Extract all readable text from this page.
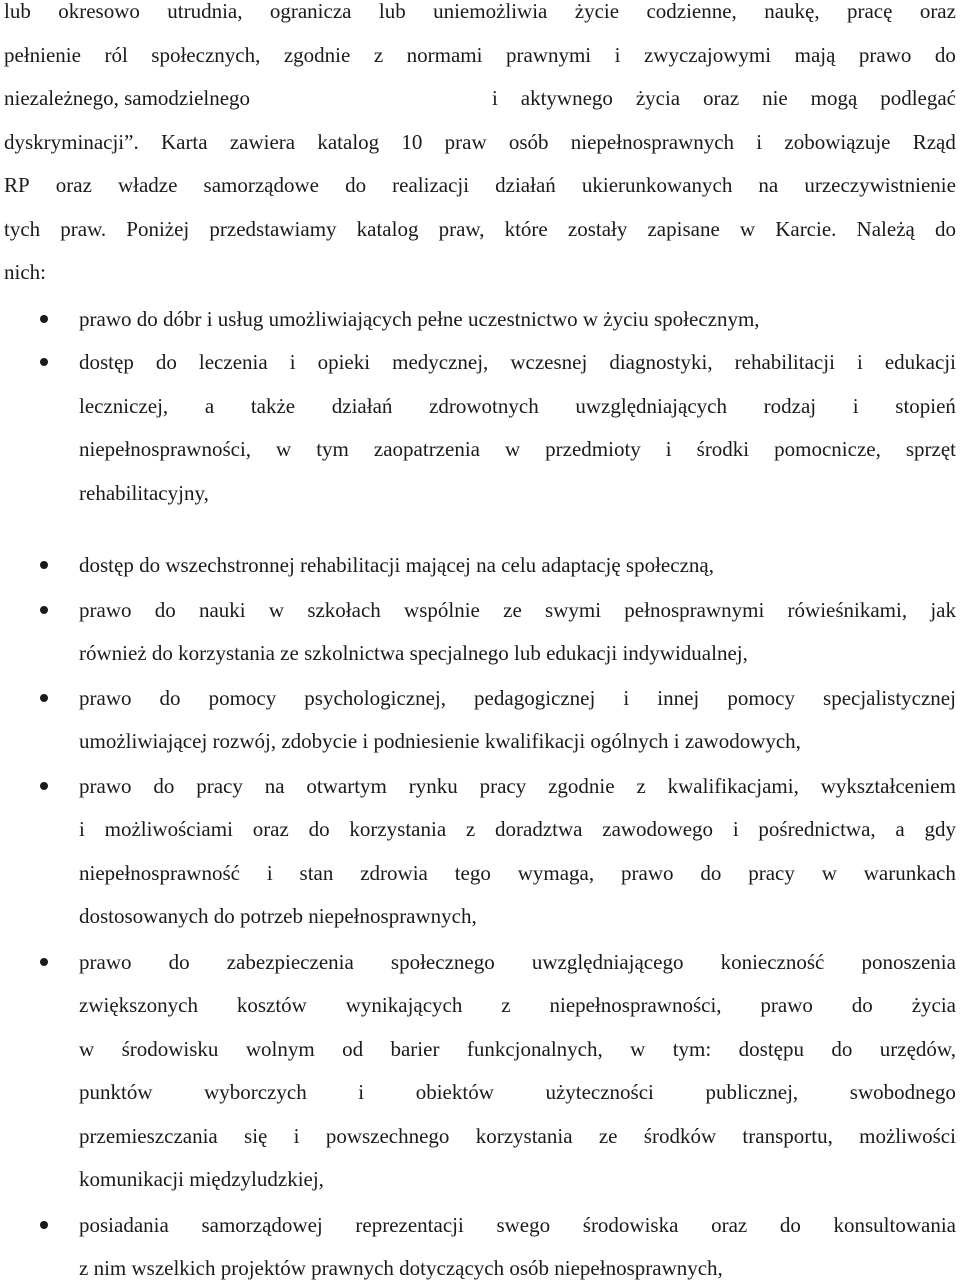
lub okresowo utrudnia, ogranicza lub uniemożliwia życie codzienne, naukę, pracę oraz
pełnienie ról społecznych, zgodnie z normami prawnymi i zwyczajowymi mają prawo do
niezależnego, samodzielnego	i aktywnego życia oraz nie mogą podlegać
dyskryminacji”. Karta zawiera katalog 10 praw osób niepełnosprawnych i zobowiązuje Rząd
RP oraz władze samorządowe do realizacji działań ukierunkowanych na urzeczywistnienie
tych praw. Poniżej przedstawiamy katalog praw, które zostały zapisane w Karcie. Należą do
nich:
prawo do dóbr i usług umożliwiających pełne uczestnictwo w życiu społecznym,
dostęp do leczenia i opieki medycznej, wczesnej diagnostyki, rehabilitacji i edukacji
leczniczej, a także działań zdrowotnych uwzględniających rodzaj i stopień
niepełnosprawności, w tym zaopatrzenia w przedmioty i środki pomocnicze, sprzęt
rehabilitacyjny,
dostęp do wszechstronnej rehabilitacji mającej na celu adaptację społeczną,
prawo do nauki w szkołach wspólnie ze swymi pełnosprawnymi rówieśnikami, jak
również do korzystania ze szkolnictwa specjalnego lub edukacji indywidualnej,
prawo do pomocy psychologicznej, pedagogicznej i innej pomocy specjalistycznej
umożliwiającej rozwój, zdobycie i podniesienie kwalifikacji ogólnych i zawodowych,
prawo do pracy na otwartym rynku pracy zgodnie z kwalifikacjami, wykształceniem
i możliwościami oraz do korzystania z doradztwa zawodowego i pośrednictwa, a gdy
niepełnosprawność i stan zdrowia tego wymaga, prawo do pracy w warunkach
dostosowanych do potrzeb niepełnosprawnych,
prawo do zabezpieczenia społecznego uwzględniającego konieczność ponoszenia
zwiększonych kosztów wynikających z niepełnosprawności, prawo do życia
w środowisku wolnym od barier funkcjonalnych, w tym: dostępu do urzędów,
punktów wyborczych i obiektów użyteczności publicznej, swobodnego
przemieszczania się i powszechnego korzystania ze środków transportu, możliwości
komunikacji międzyludzkiej,
posiadania samorządowej reprezentacji swego środowiska oraz do konsultowania
z nim wszelkich projektów prawnych dotyczących osób niepełnosprawnych,
